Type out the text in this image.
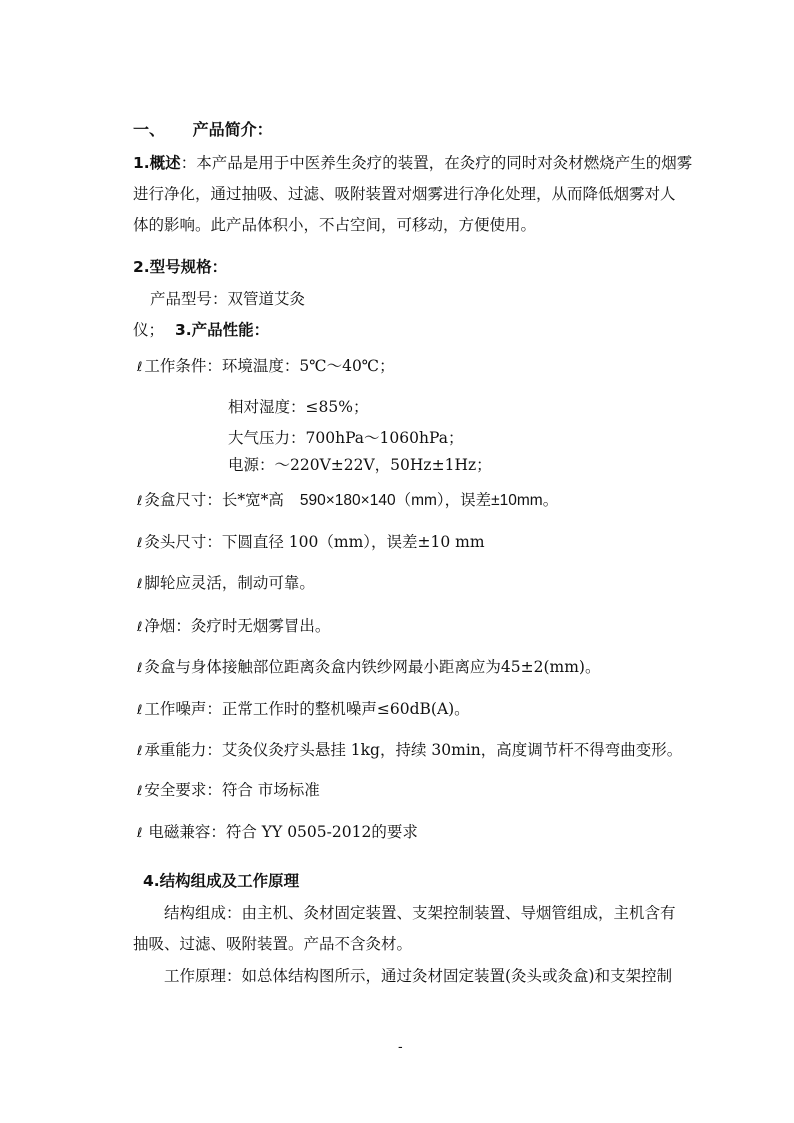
一、 产品简介：
1.概述：本产品是用于中医养生灸疗的装置，在灸疗的同时对灸材燃烧产生的烟雾
进行净化，通过抽吸、过滤、吸附装置对烟雾进行净化处理，从而降低烟雾对人
体的影响。此产品体积小，不占空间，可移动，方便使用。
2.型号规格：
产品型号：双管道艾灸
仪； 3.产品性能：
ℓ 工作条件：环境温度：5℃～40℃；
相对湿度：≤85%；
大气压力：700hPa～1060hPa；
电源：～220V±22V，50Hz±1Hz；
ℓ 灸盒尺寸：长*宽*高 590×180×140（mm），误差±10mm。
ℓ 灸头尺寸：下圆直径 100（mm），误差±10 mm
ℓ 脚轮应灵活，制动可靠。
ℓ 净烟：灸疗时无烟雾冒出。
ℓ 灸盒与身体接触部位距离灸盒内铁纱网最小距离应为45±2(mm)。
ℓ 工作噪声：正常工作时的整机噪声≤60dB(A)。
ℓ 承重能力：艾灸仪灸疗头悬挂 1kg，持续 30min，高度调节杆不得弯曲变形。
ℓ 安全要求：符合 市场标准
ℓ 电磁兼容：符合 YY 0505-2012的要求
4.结构组成及工作原理
结构组成：由主机、灸材固定装置、支架控制装置、导烟管组成，主机含有
抽吸、过滤、吸附装置。产品不含灸材。
工作原理：如总体结构图所示，通过灸材固定装置(灸头或灸盒)和支架控制
-
